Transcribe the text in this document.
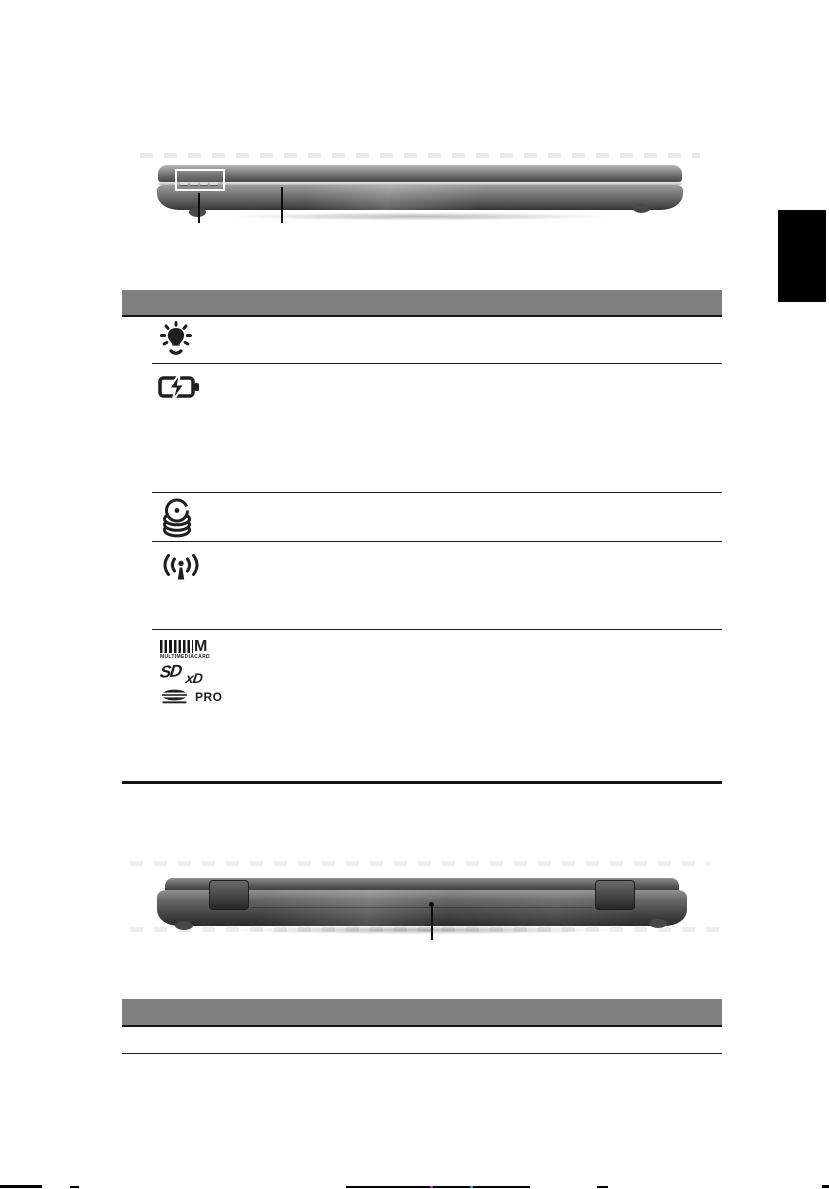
M
MULTIMEDIACARD
SD xD
PRO
